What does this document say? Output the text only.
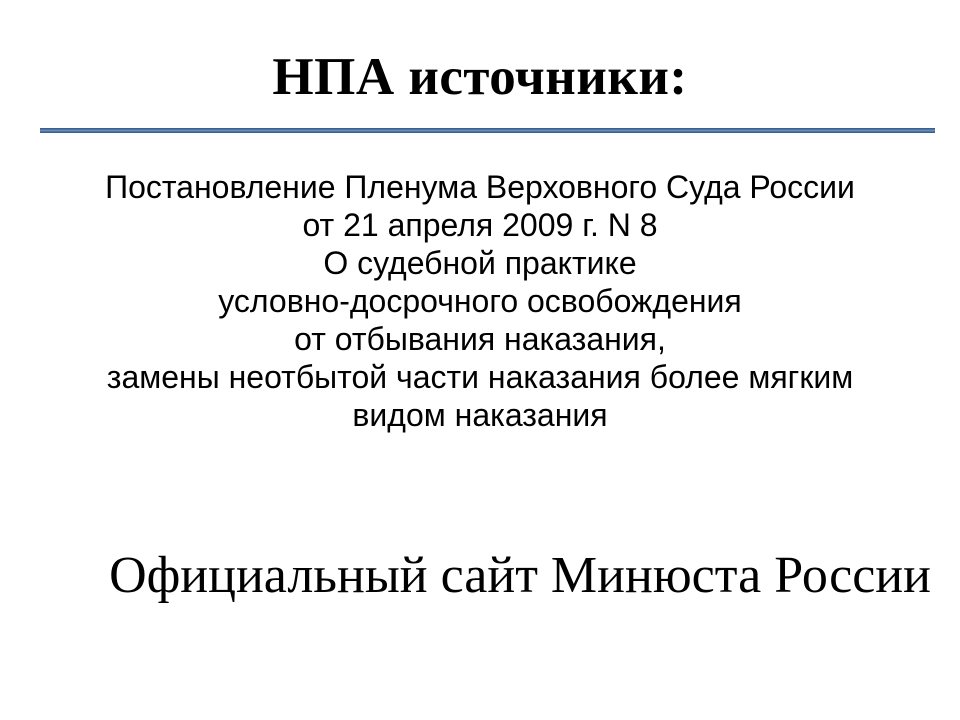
НПА источники:
Постановление Пленума Верховного Суда России
от 21 апреля 2009 г. N 8
О судебной практике
условно-досрочного освобождения
от отбывания наказания,
замены неотбытой части наказания более мягким
видом наказания
Официальный сайт Минюста России
